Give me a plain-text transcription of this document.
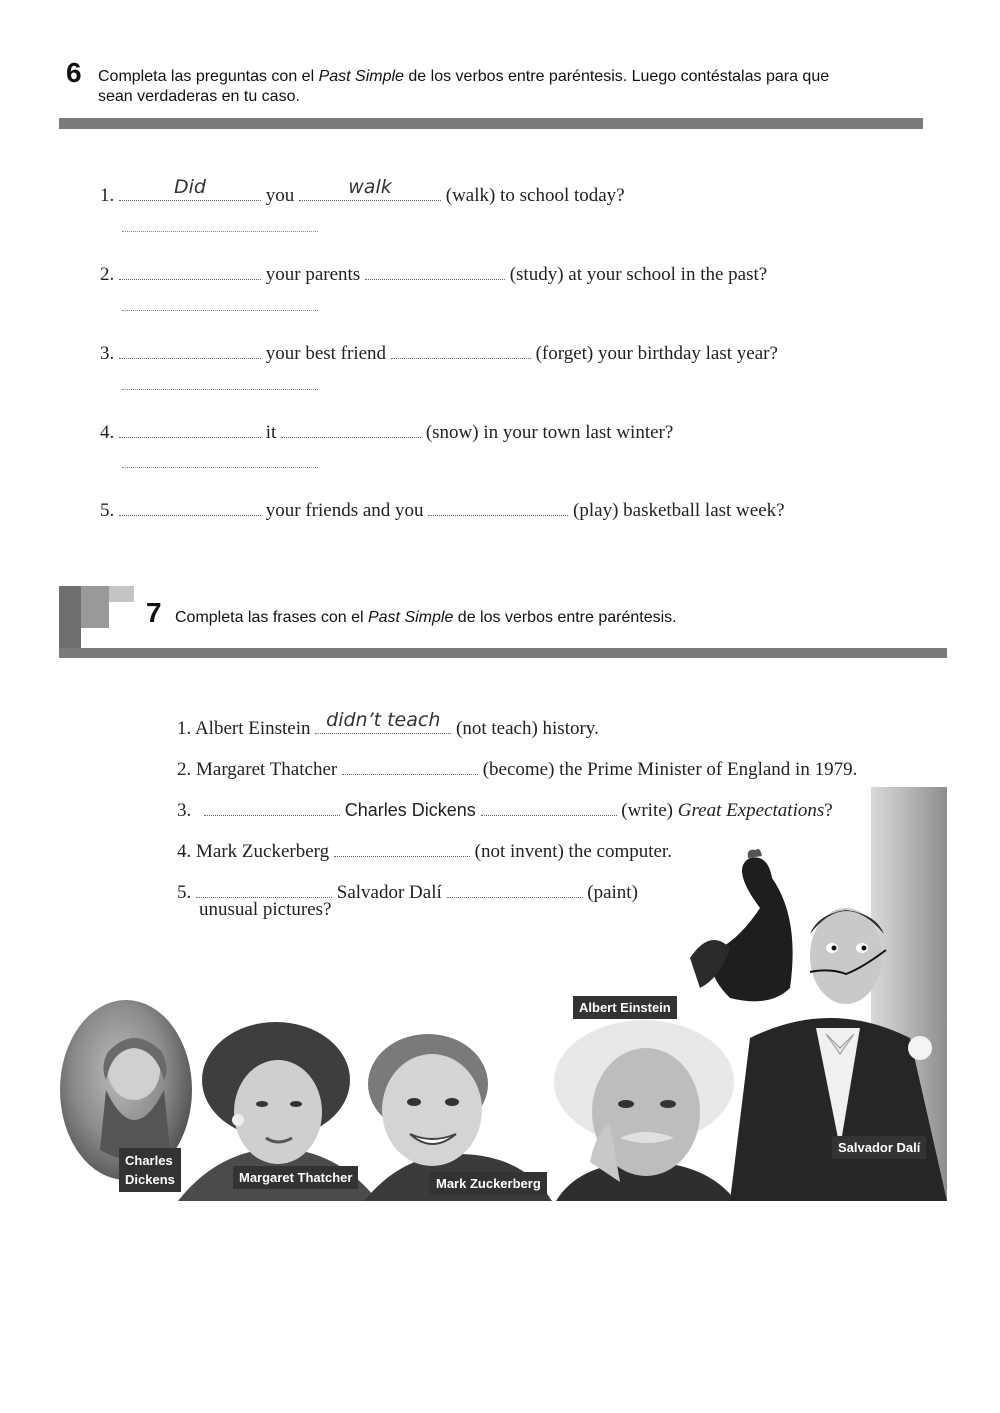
6 Completa las preguntas con el Past Simple de los verbos entre paréntesis. Luego contéstalas para que
sean verdaderas en tu caso.
1.	Did	you	walk	(walk) to school today?
2.	your parents	(study) at your school in the past?
3.	your best friend	(forget) your birthday last year?
4.	it	(snow) in your town last winter?
5.	your friends and you	(play) basketball last week?
7 Completa las frases con el Past Simple de los verbos entre paréntesis.
Charles
Dickens	Margaret Thatcher	Mark Zuckerberg
Albert Einstein
Salvador Dalí
1. Albert Einstein didn’t teach (not teach) history.
2. Margaret Thatcher	(become) the Prime Minister of England in 1979.
3.	Charles Dickens	(write) Great Expectations?
4. Mark Zuckerberg	(not invent) the computer.
5.	Salvador Dalí	(paint)
unusual pictures?
